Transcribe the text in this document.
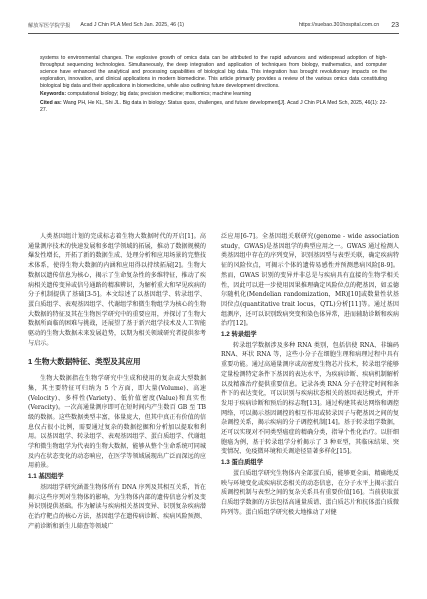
解放军医学院学报 Acad J Chin PLA Med Sch Jan. 2025, 46 (1)	https://xuebao.301hospital.com.cn 23

systems to environmental changes. The explosive growth of omics data can be attributed to the rapid advances and widespread adoption of high-throughput sequencing technologies. Simultaneously, the deep integration and application of techniques from biology, mathematics, and computer science have enhanced the analytical and processing capabilities of biological big data. This integration has brought revolutionary impacts on the exploration, innovation, and clinical applications in modern biomedicine. This article primarily provides a review of the various omics data constituting biological big data and their applications in biomedicine, while also outlining future development directions.

Keywords: computational biology; big data; precision medicine; multiomics; machine learning

Cited as: Wang PH, He KL, Shi JL. Big data in biology: Status quos, challenges, and future development[J]. Acad J Chin PLA Med Sch, 2025, 46(1): 22-27.

人类基因组计划的完成标志着生物大数据时代的开启[1]。高通量测序技术的快速发展和多组学领域的拓展，推动了数据规模的爆发性增长，开拓了新的数据生成、处理分析和应用场景的完整技术体系，使得生物大数据的内涵和应用得以持续拓展[2]。生物大数据以遗传信息为核心，揭示了生命复杂性的多维特征，推动了疾病相关遗传变异或信号通路的精准辨识，为解析重大和罕见疾病的分子机制提供了基础[3-5]。本文综述了以基因组学、转录组学、蛋白质组学、表观基因组学、代谢组学和微生物组学为核心的生物大数据的特征及其在生物医学研究中的重要应用，并探讨了生物大数据所面临的困难与挑战，还展望了基于新兴组学技术及人工智能驱动的生物大数据未来发展趋势，以期为相关领域研究者提供参考与启示。

1 生物大数据特征、类型及其应用

生物大数据指在生物学研究中生成和使用的复杂或大型数据集，其主要特征可归纳为 5 个方面，即大量(Volume)、高速(Velocity)、多样性(Variety)、低价值密度(Value)和真实性(Veracity)。一次高通量测序即可在短时间内产生数百 GB 至 TB 级的数据。这些数据类型丰富，体量庞大，但其中真正有价值的信息仅占很小比例，需要通过复杂的数据挖掘和分析加以提取和利用。以基因组学、转录组学、表观基因组学、蛋白质组学、代谢组学和微生物组学为代表的生物大数据，能够从整个生命系统可同城及内在状态变化的动态响应，在医学等领域展现出广泛而深远的应用前景。

1.1 基因组学

基因组学研究涵盖生物体所有 DNA 序列及其相互关系，旨在揭示这些序列对生物体的影响，为生物体内部的遗传信息分析及变异识别提供基础。作为解读与疾病相关基因变异、识别复杂疾病潜在治疗靶点的核心方法，基因组学在遗传病诊断、疾病风险预测、产前诊断和新生儿筛查等领域广

泛应用[6-7]。全基因组关联研究(genome - wide association study，GWAS)是基因组学的典型应用之一。GWAS 通过检测人类基因组中存在的序列变异，识别基因型与表型关联，确定疾病特征的风险位点，可揭示个体的遗传易感性并预测患病风险[8-9]。然而，GWAS 识别的变异并非总是与疾病具有直接的生物学相关性，因此可以进一步使用因果推理确定风险位点的靶基因，如孟德尔随机化(Mendelian randomization，MR)[10]或数量性状基因位点(quantitative trait locus，QTL)分析[11]等。通过基因组测序，还可以识别致病突变和染色体异常，进而辅助诊断和疾病治疗[12]。

1.2 转录组学

转录组学数据涉及多种 RNA 类别，包括信使 RNA、非编码 RNA、环状 RNA 等，这些小分子在细胞生理和病理过程中具有重要功能。通过高通量测序或高密度生物芯片技术，转录组学能够定量检测特定条件下基因的表达水平，为疾病诊断、疾病机制解析以及精准治疗提供重要信息。记录各类 RNA 分子在特定时间和条件下的表达变化，可以识别与疾病状态相关的基因表达模式，并开发用于疾病诊断和预后的标志物[13]。通过构建其表达网络和调控网络，可以揭示基因调控的相互作用或转录因子与靶基因之间的复杂调控关系，揭示疾病的分子调控机制[14]。基于转录组学数据，还可以实现对不同类型癌症的精确分类，指导个性化治疗。以肝细胞癌为例，基于转录组学分析揭示了 3 种亚型，其临床结果、突变情况、免疫微环境和关调途径显著多样化[15]。

1.3 蛋白质组学

蛋白质组学研究生物体内全部蛋白质，能够更全面、精确地反映与环境变化或疾病状态相关的动态信息，在分子水平上揭示蛋白质调控机制与表型之间的复杂关系具有重要价值[16]。当前获取蛋白质组学数据的方法包括高通量质谱、蛋白质芯片和抗体蛋白质微阵列等。蛋白质组学研究极大地推动了对健
